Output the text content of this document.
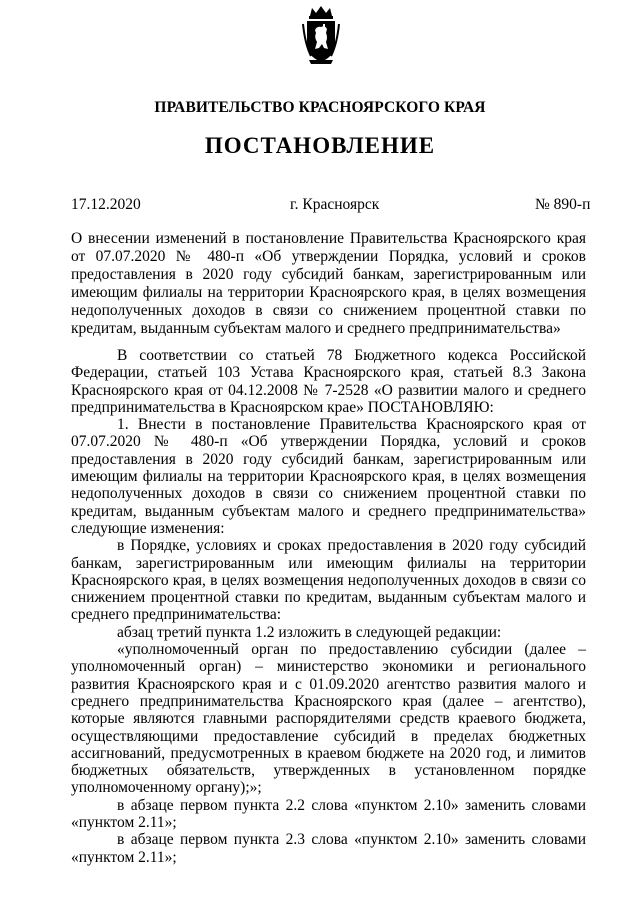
ПРАВИТЕЛЬСТВО КРАСНОЯРСКОГО КРАЯ
ПОСТАНОВЛЕНИЕ
17.12.2020	г. Красноярск	№ 890-п

О внесении изменений в постановление Правительства Красноярского края от 07.07.2020 № 480-п «Об утверждении Порядка, условий и сроков предоставления в 2020 году субсидий банкам, зарегистрированным или имеющим филиалы на территории Красноярского края, в целях возмещения недополученных доходов в связи со снижением процентной ставки по кредитам, выданным субъектам малого и среднего предпринимательства»

В соответствии со статьей 78 Бюджетного кодекса Российской Федерации, статьей 103 Устава Красноярского края, статьей 8.3 Закона Красноярского края от 04.12.2008 № 7-2528 «О развитии малого и среднего предпринимательства в Красноярском крае» ПОСТАНОВЛЯЮ:

1. Внести в постановление Правительства Красноярского края от 07.07.2020 № 480-п «Об утверждении Порядка, условий и сроков предоставления в 2020 году субсидий банкам, зарегистрированным или имеющим филиалы на территории Красноярского края, в целях возмещения недополученных доходов в связи со снижением процентной ставки по кредитам, выданным субъектам малого и среднего предпринимательства» следующие изменения:

в Порядке, условиях и сроках предоставления в 2020 году субсидий банкам, зарегистрированным или имеющим филиалы на территории Красноярского края, в целях возмещения недополученных доходов в связи со снижением процентной ставки по кредитам, выданным субъектам малого и среднего предпринимательства:

абзац третий пункта 1.2 изложить в следующей редакции:

«уполномоченный орган по предоставлению субсидии (далее – уполномоченный орган) – министерство экономики и регионального развития Красноярского края и с 01.09.2020 агентство развития малого и среднего предпринимательства Красноярского края (далее – агентство), которые являются главными распорядителями средств краевого бюджета, осуществляющими предоставление субсидий в пределах бюджетных ассигнований, предусмотренных в краевом бюджете на 2020 год, и лимитов бюджетных обязательств, утвержденных в установленном порядке уполномоченному органу);»;

в абзаце первом пункта 2.2 слова «пунктом 2.10» заменить словами «пунктом 2.11»;

в абзаце первом пункта 2.3 слова «пунктом 2.10» заменить словами «пунктом 2.11»;
